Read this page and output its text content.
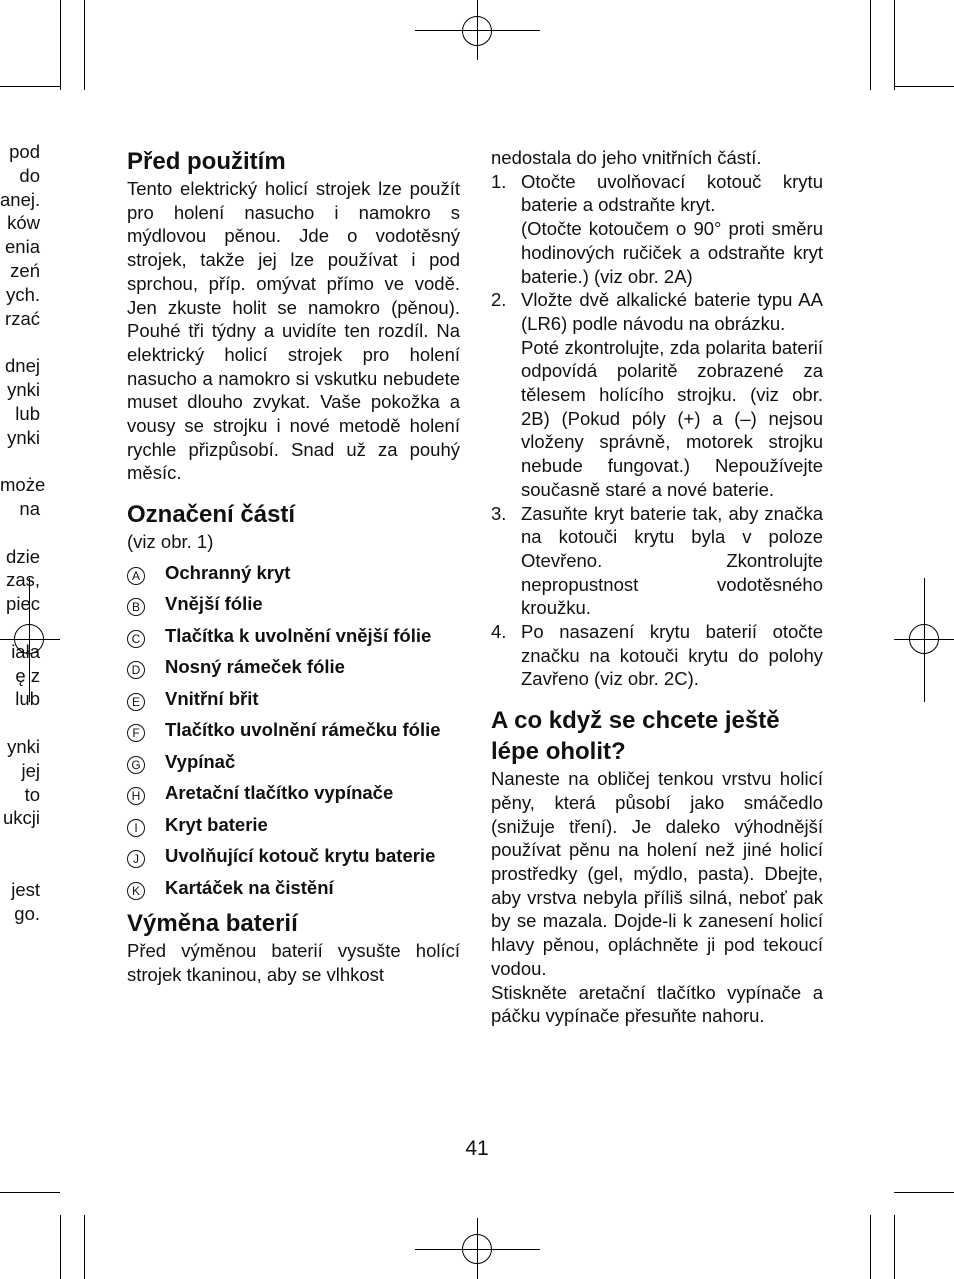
pod
do
anej.
ków
enia
zeń
ych.
rzać

dnej
ynki
lub
ynki

może
na

dzie
zas,
piec

iała
ę z
lub

ynki
jej
to
ukcji

jest
go.
Před použitím

Tento elektrický holicí strojek lze použít pro holení nasucho i namokro s mýdlovou pěnou. Jde o vodotěsný strojek, takže jej lze používat i pod sprchou, příp. omývat přímo ve vodě. Jen zkuste holit se namokro (pěnou). Pouhé tři týdny a uvidíte ten rozdíl. Na elektrický holicí strojek pro holení nasucho a namokro si vskutku nebudete muset dlouho zvykat. Vaše pokožka a vousy se strojku i nové metodě holení rychle přizpůsobí. Snad už za pouhý měsíc.

Označení částí

(viz obr. 1)

A	Ochranný kryt
B	Vnější fólie
C	Tlačítka k uvolnění vnější fólie
D	Nosný rámeček fólie
E	Vnitřní břit
F	Tlačítko uvolnění rámečku fólie
G	Vypínač
H	Aretační tlačítko vypínače
I	Kryt baterie
J	Uvolňující kotouč krytu baterie
K	Kartáček na čistění
Výměna baterií

Před výměnou baterií vysušte holící strojek tkaninou, aby se vlhkost

nedostala do jeho vnitřních částí.

1. Otočte uvolňovací kotouč krytu baterie a odstraňte kryt.
(Otočte kotoučem o 90° proti směru hodinových ručiček a odstraňte kryt baterie.) (viz obr. 2A)
2. Vložte dvě alkalické baterie typu AA (LR6) podle návodu na obrázku.
Poté zkontrolujte, zda polarita baterií odpovídá polaritě zobrazené za tělesem holícího strojku. (viz obr. 2B) (Pokud póly (+) a (–) nejsou vloženy správně, motorek strojku nebude fungovat.) Nepoužívejte současně staré a nové baterie.
3. Zasuňte kryt baterie tak, aby značka na kotouči krytu byla v poloze Otevřeno. Zkontrolujte nepropustnost vodotěsného kroužku.
4. Po nasazení krytu baterií otočte značku na kotouči krytu do polohy Zavřeno (viz obr. 2C).
A co když se chcete ještě lépe oholit?

Naneste na obličej tenkou vrstvu holicí pěny, která působí jako smáčedlo (snižuje tření). Je daleko výhodnější používat pěnu na holení než jiné holicí prostředky (gel, mýdlo, pasta). Dbejte, aby vrstva nebyla příliš silná, neboť pak by se mazala. Dojde-li k zanesení holicí hlavy pěnou, opláchněte ji pod tekoucí vodou.

Stiskněte aretační tlačítko vypínače a páčku vypínače přesuňte nahoru.

41
